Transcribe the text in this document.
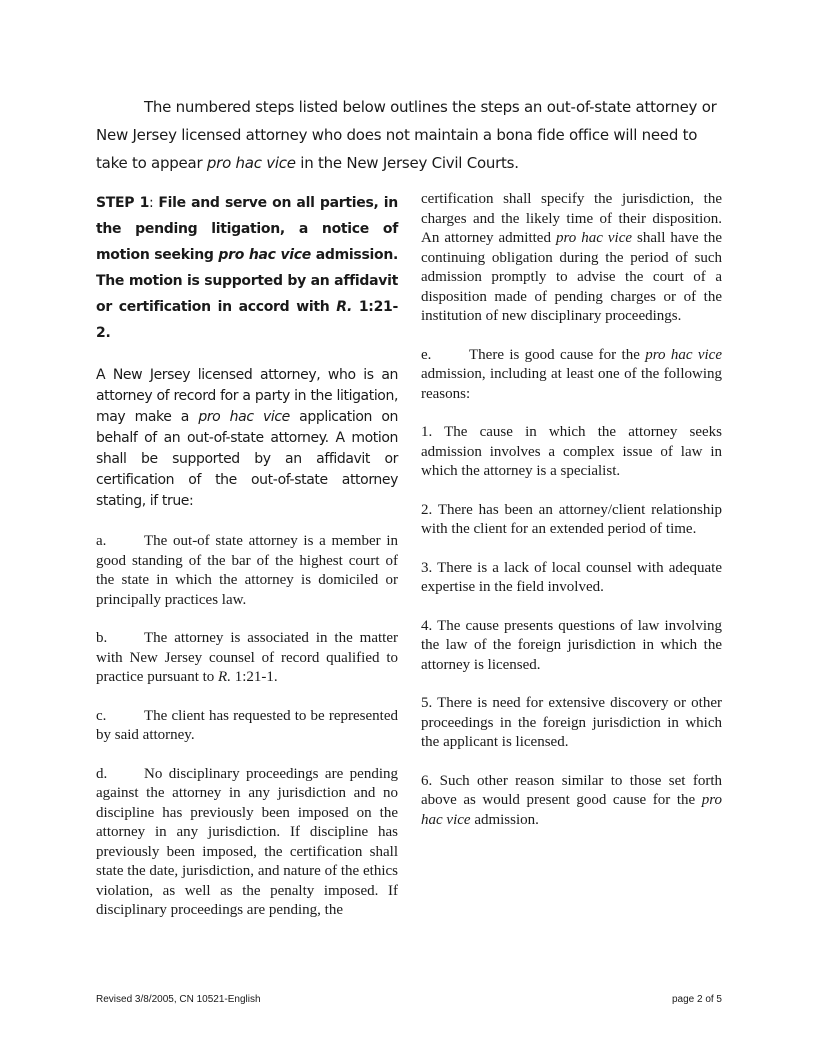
The numbered steps listed below outlines the steps an out-of-state attorney or New Jersey licensed attorney who does not maintain a bona fide office will need to take to appear pro hac vice in the New Jersey Civil Courts.

STEP 1: File and serve on all parties, in the pending litigation, a notice of motion seeking pro hac vice admission. The motion is supported by an affidavit or certification in accord with R. 1:21-2.

A New Jersey licensed attorney, who is an attorney of record for a party in the litigation, may make a pro hac vice application on behalf of an out-of-state attorney. A motion shall be supported by an affidavit or certification of the out-of-state attorney stating, if true:

a.	The out-of state attorney is a member in good standing of the bar of the highest court of the state in which the attorney is domiciled or principally practices law.

b. The attorney is associated in the matter with New Jersey counsel of record qualified to practice pursuant to R. 1:21-1.

c.	The client has requested to be represented by said attorney.

d. No disciplinary proceedings are pending against the attorney in any jurisdiction and no discipline has previously been imposed on the attorney in any jurisdiction. If discipline has previously been imposed, the certification shall state the date, jurisdiction, and nature of the ethics violation, as well as the penalty imposed. If disciplinary proceedings are pending, the

certification shall specify the jurisdiction, the charges and the likely time of their disposition. An attorney admitted pro hac vice shall have the continuing obligation during the period of such admission promptly to advise the court of a disposition made of pending charges or of the institution of new disciplinary proceedings.

e.	There is good cause for the pro hac vice admission, including at least one of the following reasons:

1. The cause in which the attorney seeks admission involves a complex issue of law in which the attorney is a specialist.

2. There has been an attorney/client relationship with the client for an extended period of time.

3. There is a lack of local counsel with adequate expertise in the field involved.

4. The cause presents questions of law involving the law of the foreign jurisdiction in which the attorney is licensed.

5. There is need for extensive discovery or other proceedings in the foreign jurisdiction in which the applicant is licensed.

6. Such other reason similar to those set forth above as would present good cause for the pro hac vice admission.

Revised 3/8/2005, CN 10521-English	page 2 of 5
